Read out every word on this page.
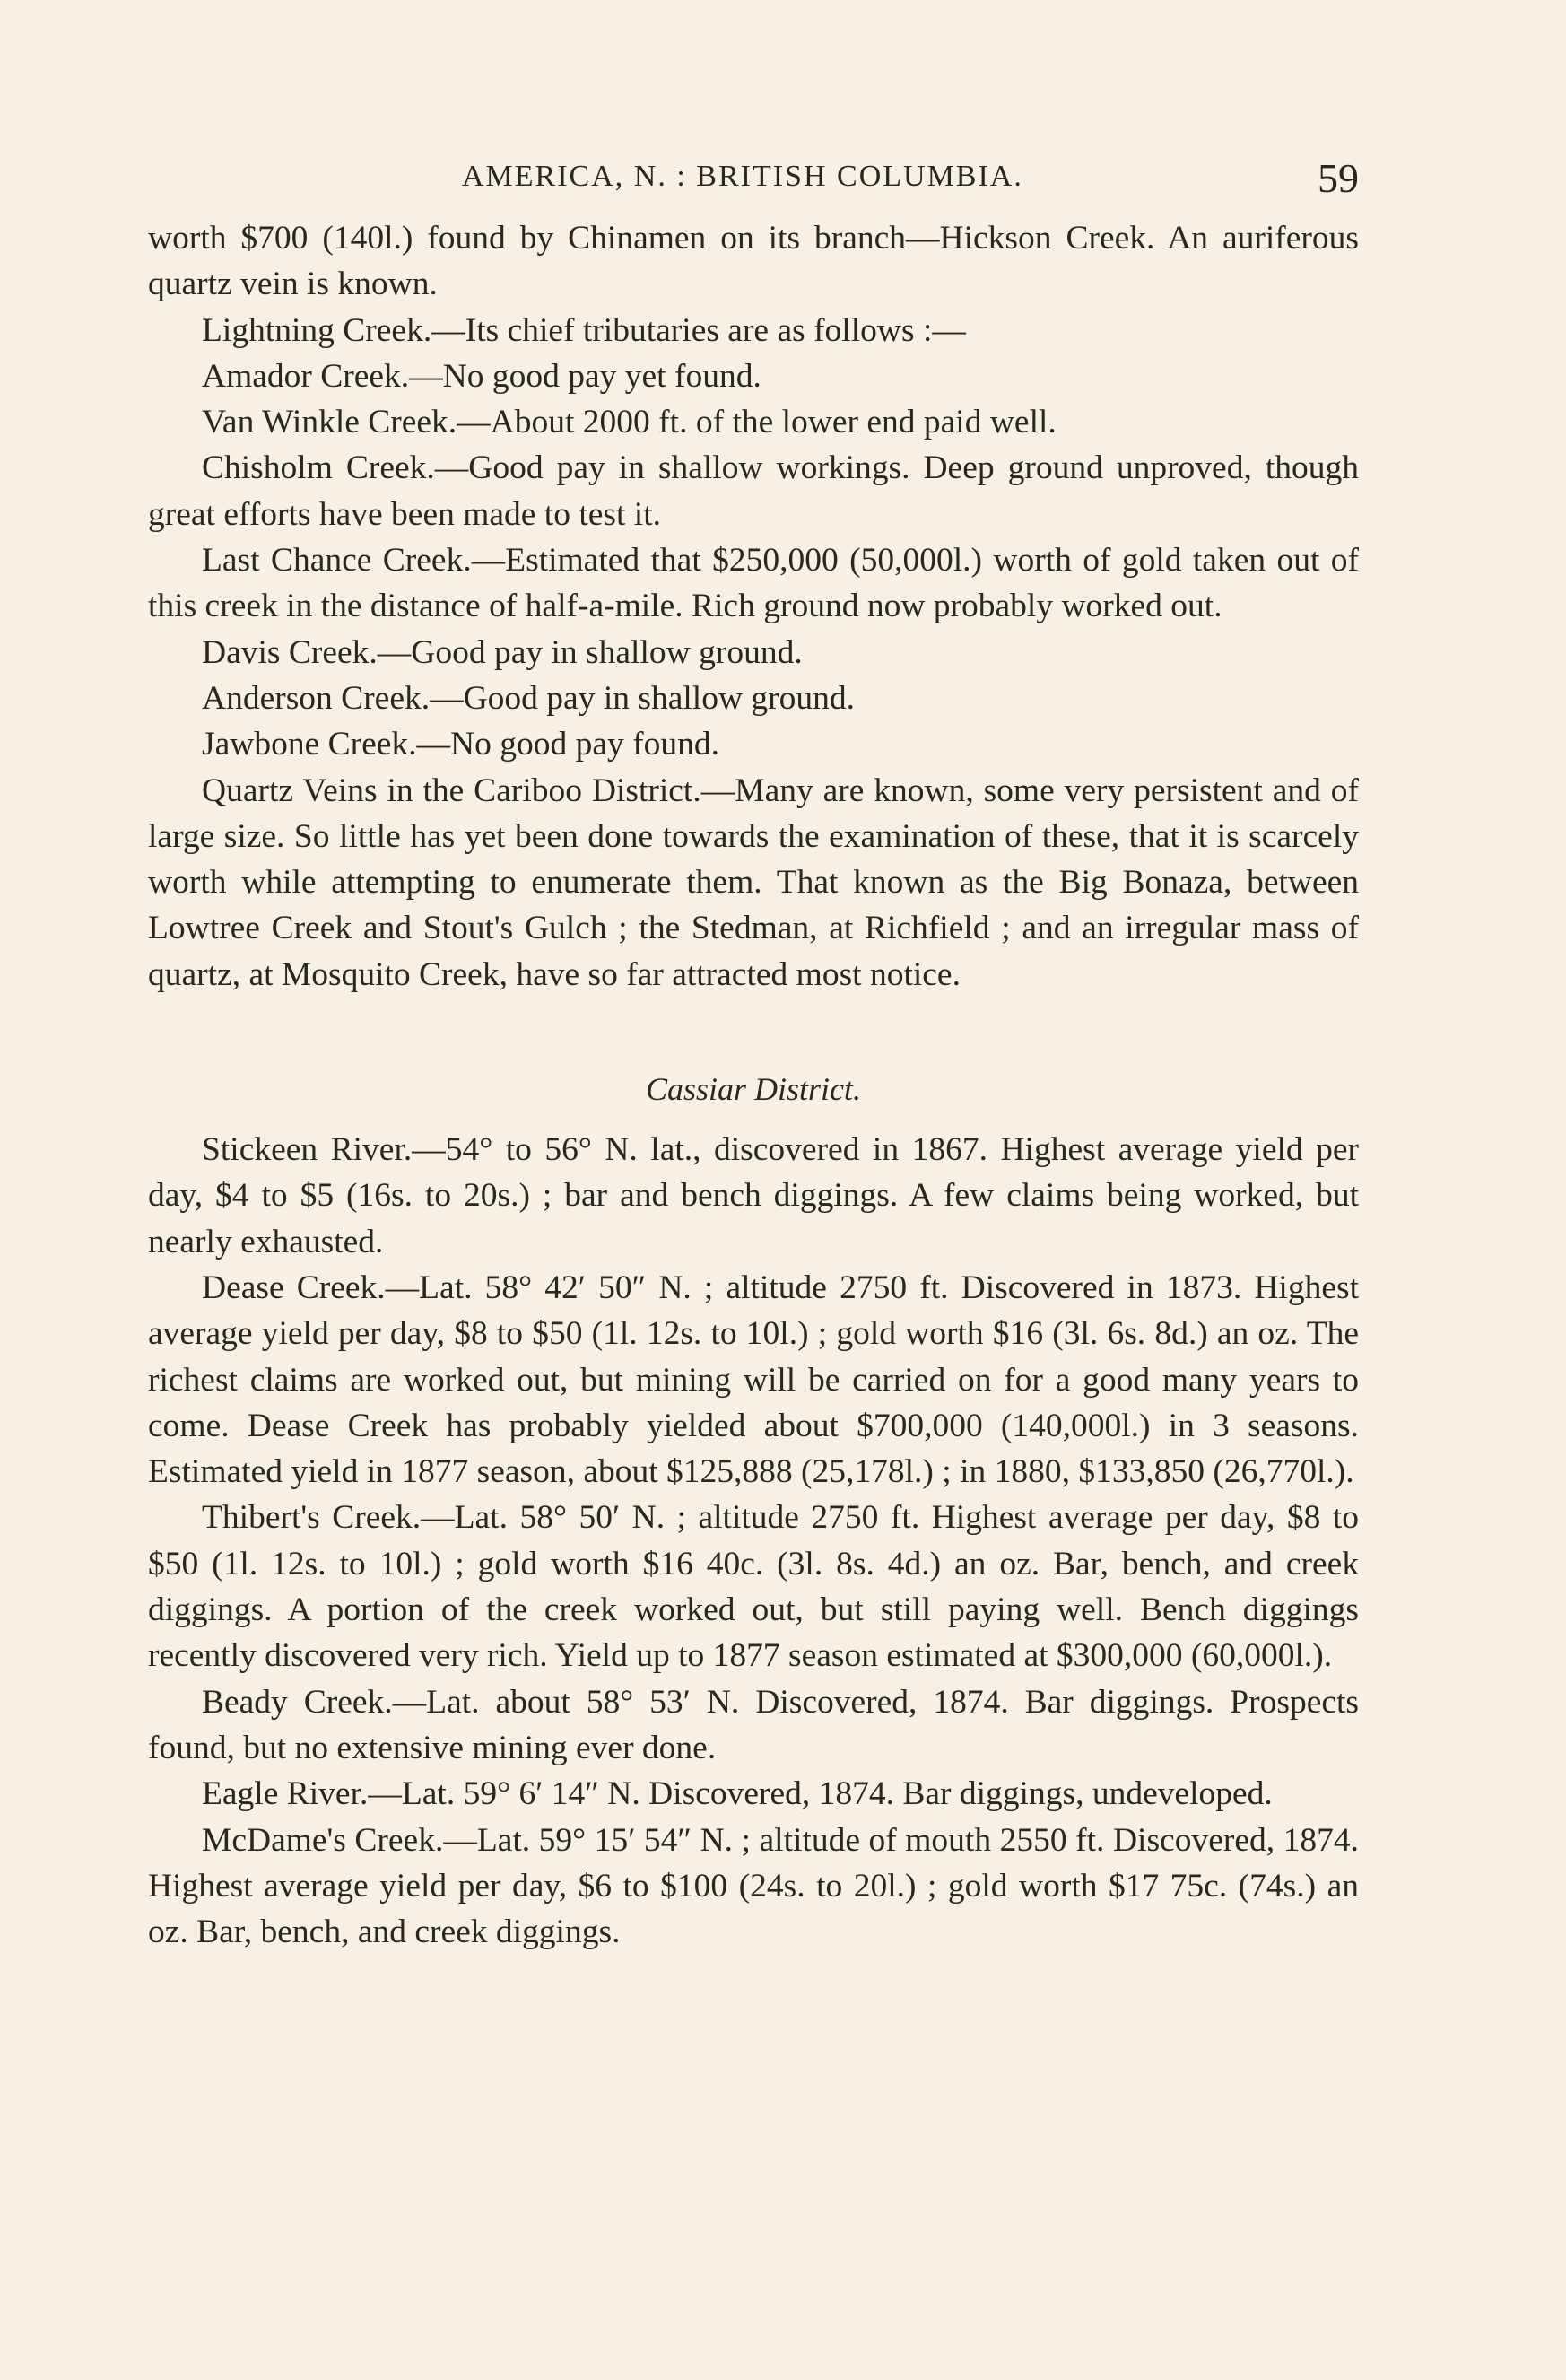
AMERICA, N. : BRITISH COLUMBIA.	59

worth $700 (140l.) found by Chinamen on its branch—Hickson Creek. An auriferous quartz vein is known.

Lightning Creek.—Its chief tributaries are as follows :—

Amador Creek.—No good pay yet found.

Van Winkle Creek.—About 2000 ft. of the lower end paid well.

Chisholm Creek.—Good pay in shallow workings. Deep ground unproved, though great efforts have been made to test it.

Last Chance Creek.—Estimated that $250,000 (50,000l.) worth of gold taken out of this creek in the distance of half-a-mile. Rich ground now probably worked out.

Davis Creek.—Good pay in shallow ground.

Anderson Creek.—Good pay in shallow ground.

Jawbone Creek.—No good pay found.

Quartz Veins in the Cariboo District.—Many are known, some very persistent and of large size. So little has yet been done towards the examination of these, that it is scarcely worth while attempting to enumerate them. That known as the Big Bonaza, between Lowtree Creek and Stout's Gulch ; the Stedman, at Richfield ; and an irregular mass of quartz, at Mosquito Creek, have so far attracted most notice.

Cassiar District.

Stickeen River.—54° to 56° N. lat., discovered in 1867. Highest average yield per day, $4 to $5 (16s. to 20s.) ; bar and bench diggings. A few claims being worked, but nearly exhausted.

Dease Creek.—Lat. 58° 42′ 50″ N. ; altitude 2750 ft. Discovered in 1873. Highest average yield per day, $8 to $50 (1l. 12s. to 10l.) ; gold worth $16 (3l. 6s. 8d.) an oz. The richest claims are worked out, but mining will be carried on for a good many years to come. Dease Creek has probably yielded about $700,000 (140,000l.) in 3 seasons. Estimated yield in 1877 season, about $125,888 (25,178l.) ; in 1880, $133,850 (26,770l.).

Thibert's Creek.—Lat. 58° 50′ N. ; altitude 2750 ft. Highest average per day, $8 to $50 (1l. 12s. to 10l.) ; gold worth $16 40c. (3l. 8s. 4d.) an oz. Bar, bench, and creek diggings. A portion of the creek worked out, but still paying well. Bench diggings recently discovered very rich. Yield up to 1877 season estimated at $300,000 (60,000l.).

Beady Creek.—Lat. about 58° 53′ N. Discovered, 1874. Bar diggings. Prospects found, but no extensive mining ever done.

Eagle River.—Lat. 59° 6′ 14″ N. Discovered, 1874. Bar diggings, undeveloped.

McDame's Creek.—Lat. 59° 15′ 54″ N. ; altitude of mouth 2550 ft. Discovered, 1874. Highest average yield per day, $6 to $100 (24s. to 20l.) ; gold worth $17 75c. (74s.) an oz. Bar, bench, and creek diggings.
